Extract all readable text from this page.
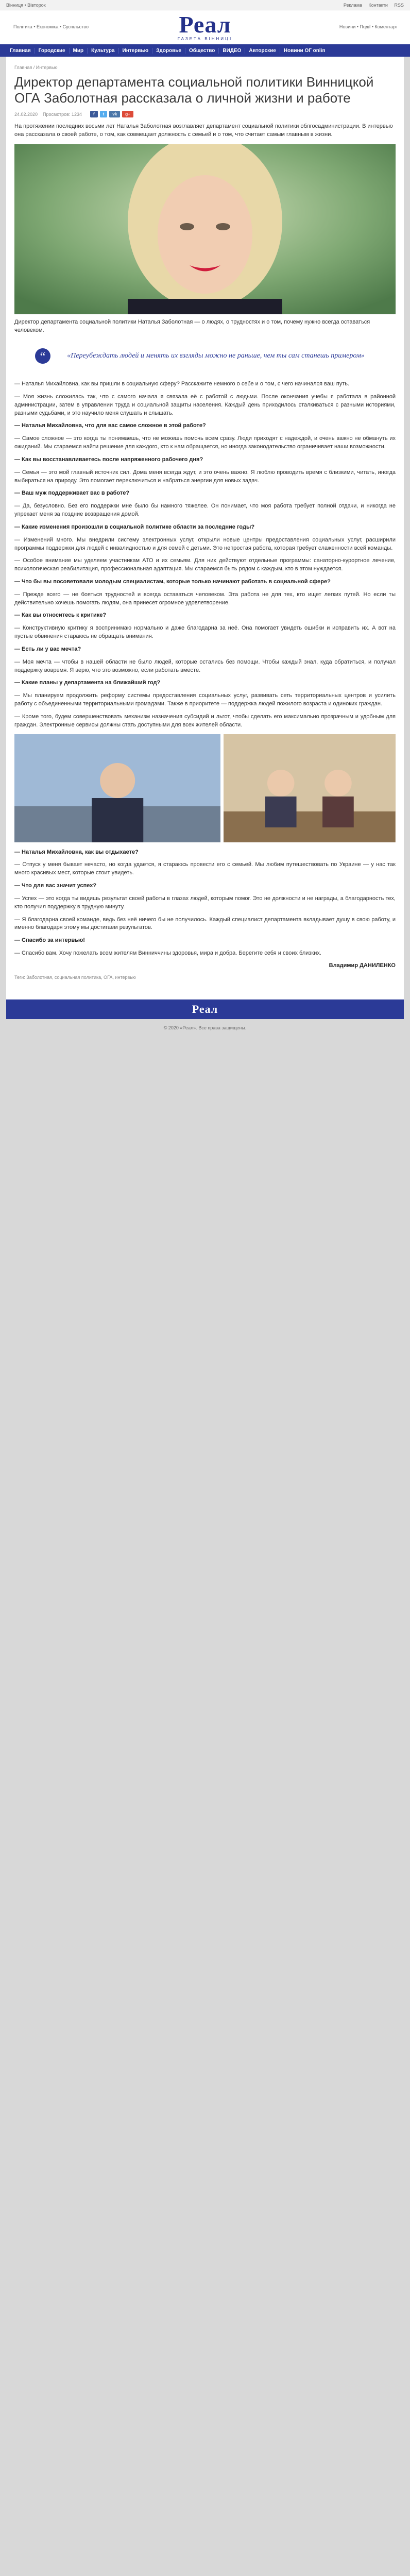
Вінниця • Вівторок	Реклама Контакти RSS
Політика • Економіка • Суспільство	Реал
ГАЗЕТА ВІННИЦІ
Новини • Події • Коментарі
Главная	Городские	Мир	Культура	Интервью	Здоровье	Общество	ВИДЕО	Авторские	Новини ОГ onlin
Главная / Интервью
Директор департамента социальной политики Винницкой ОГА Заболотная рассказала о личной жизни и работе
24.02.2020 Просмотров: 1234	f	t	vk	g+

На протяжении последних восьми лет Наталья Заболотная возглавляет департамент социальной политики облгосадминистрации. В интервью она рассказала о своей работе, о том, как совмещает должность с семьей и о том, что считает самым главным в жизни.

Директор департамента социальной политики Наталья Заболотная — о людях, о трудностях и о том, почему нужно всегда оставаться человеком.

“	«Переубеждать людей и менять их взгляды можно не раньше, чем ты сам станешь примером»

— Наталья Михайловна, как вы пришли в социальную сферу? Расскажите немного о себе и о том, с чего начинался ваш путь.

— Моя жизнь сложилась так, что с самого начала я связала её с работой с людьми. После окончания учебы я работала в районной администрации, затем в управлении труда и социальной защиты населения. Каждый день приходилось сталкиваться с разными историями, разными судьбами, и это научило меня слушать и слышать.

— Наталья Михайловна, что для вас самое сложное в этой работе?

— Самое сложное — это когда ты понимаешь, что не можешь помочь всем сразу. Люди приходят с надеждой, и очень важно не обмануть их ожиданий. Мы стараемся найти решение для каждого, кто к нам обращается, но иногда законодательство ограничивает наши возможности.

— Как вы восстанавливаетесь после напряженного рабочего дня?

— Семья — это мой главный источник сил. Дома меня всегда ждут, и это очень важно. Я люблю проводить время с близкими, читать, иногда выбираться на природу. Это помогает переключиться и набраться энергии для новых задач.

— Ваш муж поддерживает вас в работе?

— Да, безусловно. Без его поддержки мне было бы намного тяжелее. Он понимает, что моя работа требует полной отдачи, и никогда не упрекает меня за поздние возвращения домой.

— Какие изменения произошли в социальной политике области за последние годы?

— Изменений много. Мы внедрили систему электронных услуг, открыли новые центры предоставления социальных услуг, расширили программы поддержки для людей с инвалидностью и для семей с детьми. Это непростая работа, которая требует слаженности всей команды.

— Особое внимание мы уделяем участникам АТО и их семьям. Для них действуют отдельные программы: санаторно-курортное лечение, психологическая реабилитация, профессиональная адаптация. Мы стараемся быть рядом с каждым, кто в этом нуждается.

— Что бы вы посоветовали молодым специалистам, которые только начинают работать в социальной сфере?

— Прежде всего — не бояться трудностей и всегда оставаться человеком. Эта работа не для тех, кто ищет легких путей. Но если ты действительно хочешь помогать людям, она принесет огромное удовлетворение.

— Как вы относитесь к критике?

— Конструктивную критику я воспринимаю нормально и даже благодарна за неё. Она помогает увидеть ошибки и исправить их. А вот на пустые обвинения стараюсь не обращать внимания.

— Есть ли у вас мечта?

— Моя мечта — чтобы в нашей области не было людей, которые остались без помощи. Чтобы каждый знал, куда обратиться, и получал поддержку вовремя. Я верю, что это возможно, если работать вместе.

— Какие планы у департамента на ближайший год?

— Мы планируем продолжить реформу системы предоставления социальных услуг, развивать сеть территориальных центров и усилить работу с объединенными территориальными громадами. Также в приоритете — поддержка людей пожилого возраста и одиноких граждан.

— Кроме того, будем совершенствовать механизм назначения субсидий и льгот, чтобы сделать его максимально прозрачным и удобным для граждан. Электронные сервисы должны стать доступными для всех жителей области.

— Наталья Михайловна, как вы отдыхаете?

— Отпуск у меня бывает нечасто, но когда удается, я стараюсь провести его с семьей. Мы любим путешествовать по Украине — у нас так много красивых мест, которые стоит увидеть.

— Что для вас значит успех?

— Успех — это когда ты видишь результат своей работы в глазах людей, которым помог. Это не должности и не награды, а благодарность тех, кто получил поддержку в трудную минуту.

— Я благодарна своей команде, ведь без неё ничего бы не получилось. Каждый специалист департамента вкладывает душу в свою работу, и именно благодаря этому мы достигаем результатов.

— Спасибо за интервью!

— Спасибо вам. Хочу пожелать всем жителям Винниччины здоровья, мира и добра. Берегите себя и своих близких.

Владимир ДАНИЛЕНКО
Теги: Заболотная, социальная политика, ОГА, интервью
Реал
© 2020 «Реал». Все права защищены.
